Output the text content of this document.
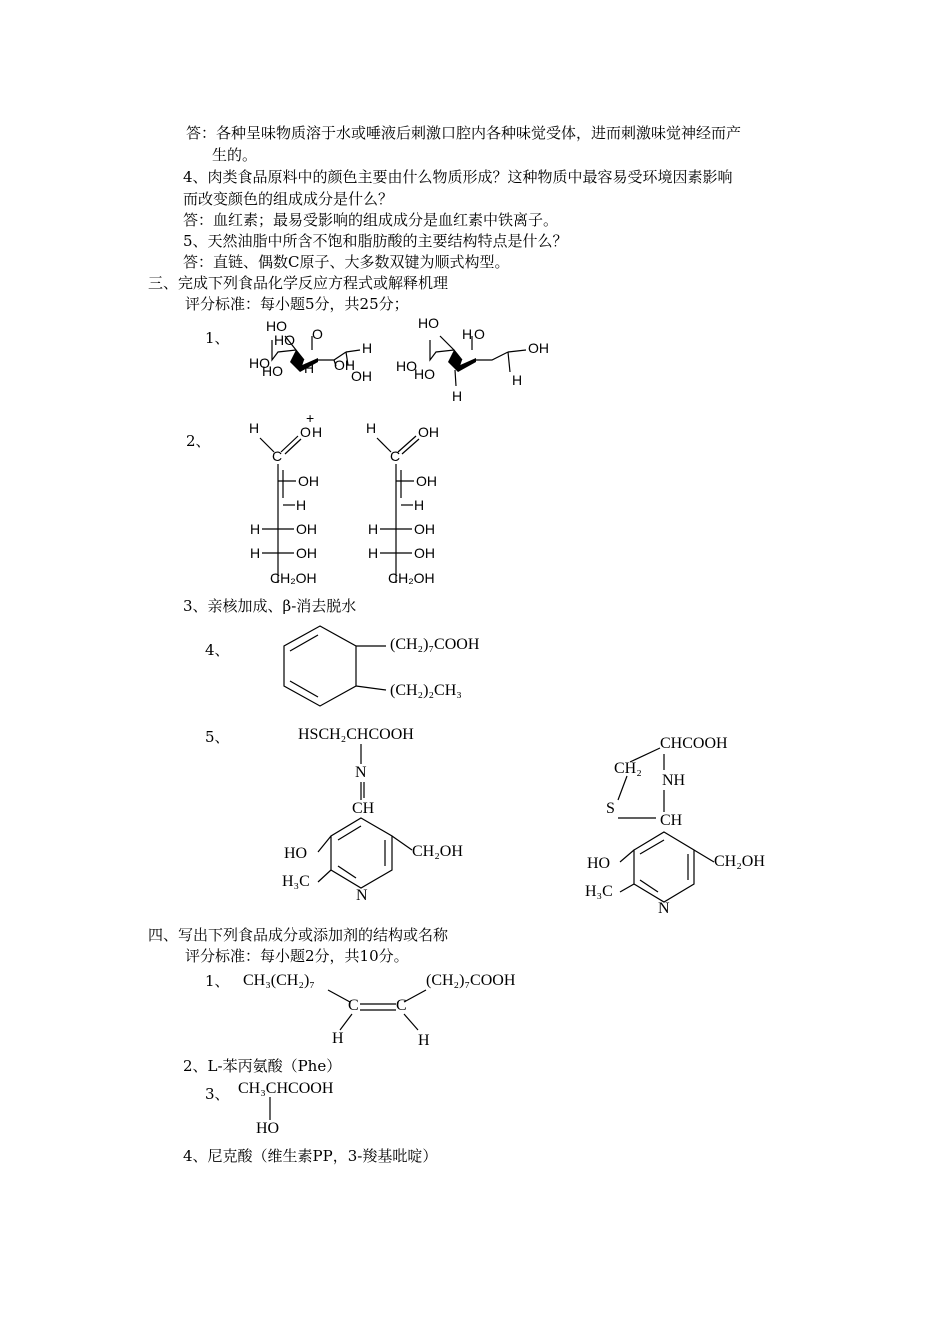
答：各种呈味物质溶于水或唾液后刺激口腔内各种味觉受体，进而刺激味觉神经而产
生的。
4、肉类食品原料中的颜色主要由什么物质形成？这种物质中最容易受环境因素影响
而改变颜色的组成成分是什么？
答：血红素；最易受影响的组成成分是血红素中铁离子。
5、天然油脂中所含不饱和脂肪酸的主要结构特点是什么？
答：直链、偶数C原子、大多数双键为顺式构型。
三、完成下列食品化学反应方程式或解释机理
评分标准：每小题5分，共25分；
1、
2、
3、亲核加成、β-消去脱水
4、
5、
四、写出下列食品成分或添加剂的结构或名称
评分标准：每小题2分，共10分。
1、
2、L-苯丙氨酸（Phe）
3、
4、尼克酸（维生素PP，3-羧基吡啶）
HO
HO O
H
HO
HO H OH
OH
HO
HO
HO
H O
OH
H
H
H	O
+
H
C
OH
H
H	OH
H	OH
CH₂OH
H	OH
C
OH
H
H	OH
H	OH
CH₂OH
(CH₂)₇COOH
(CH₂)₂CH₃
HSCH₂CHCOOH
N
CH
HO	CH₂OH
H₃C
N
CHCOOH
CH₂
NH
S
CH
HO	CH₂OH
H₃C
N
CH₃(CH₂)₇	(CH₂)₇COOH
C C
H	H
CH₃CHCOOH
HO
